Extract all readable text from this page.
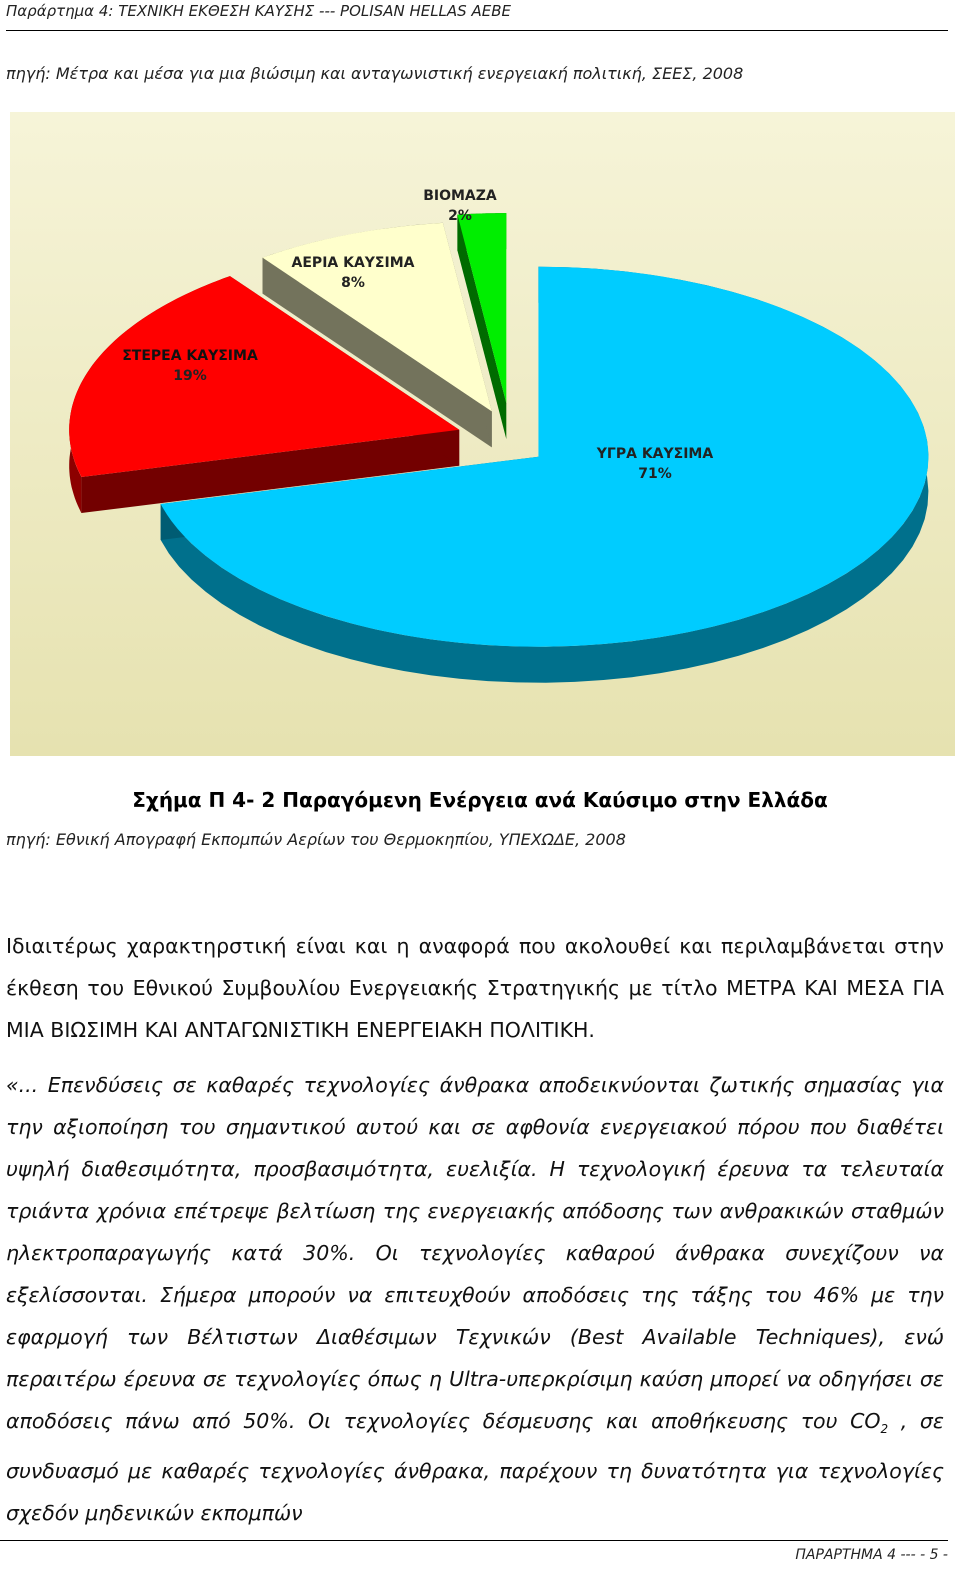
Παράρτημα 4: ΤΕΧΝΙΚΗ ΕΚΘΕΣΗ ΚΑΥΣΗΣ --- POLISAN HELLAS AEBE
πηγή: Μέτρα και μέσα για μια βιώσιμη και ανταγωνιστική ενεργειακή πολιτική, ΣΕΕΣ, 2008
ΥΓΡΑ ΚΑΥΣΙΜΑ
71%
ΣΤΕΡΕΑ ΚΑΥΣΙΜΑ
19%
ΑΕΡΙΑ ΚΑΥΣΙΜΑ
8%
ΒΙΟΜΑΖΑ
2%
Σχήμα Π 4- 2 Παραγόμενη Ενέργεια ανά Καύσιμο στην Ελλάδα
πηγή: Εθνική Απογραφή Εκπομπών Αερίων του Θερμοκηπίου, ΥΠΕΧΩΔΕ, 2008
Ιδιαιτέρως χαρακτηρστική είναι και η αναφορά που ακολουθεί και περιλαμβάνεται στην έκθεση του Εθνικού Συμβουλίου Ενεργειακής Στρατηγικής με τίτλο ΜΕΤΡΑ ΚΑΙ ΜΕΣΑ ΓΙΑ ΜΙΑ ΒΙΩΣΙΜΗ ΚΑΙ ΑΝΤΑΓΩΝΙΣΤΙΚΗ ΕΝΕΡΓΕΙΑΚΗ ΠΟΛΙΤΙΚΗ.
«... Επενδύσεις σε καθαρές τεχνολογίες άνθρακα αποδεικνύονται ζωτικής σημασίας για την αξιοποίηση του σημαντικού αυτού και σε αφθονία ενεργειακού πόρου που διαθέτει υψηλή διαθεσιμότητα, προσβασιμότητα, ευελιξία. Η τεχνολογική έρευνα τα τελευταία τριάντα χρόνια επέτρεψε βελτίωση της ενεργειακής απόδοσης των ανθρακικών σταθμών ηλεκτροπαραγωγής κατά 30%. Οι τεχνολογίες καθαρού άνθρακα συνεχίζουν να εξελίσσονται. Σήμερα μπορούν να επιτευχθούν αποδόσεις της τάξης του 46% με την εφαρμογή των Βέλτιστων Διαθέσιμων Τεχνικών (Best Available Techniques), ενώ περαιτέρω έρευνα σε τεχνολογίες όπως η Ultra-υπερκρίσιμη καύση μπορεί να οδηγήσει σε αποδόσεις πάνω από 50%. Οι τεχνολογίες δέσμευσης και αποθήκευσης του $CO_2$ , σε συνδυασμό με καθαρές τεχνολογίες άνθρακα, παρέχουν τη δυνατότητα για τεχνολογίες σχεδόν μηδενικών εκπομπών
ΠΑΡΑΡΤΗΜΑ 4 --- - 5 -
